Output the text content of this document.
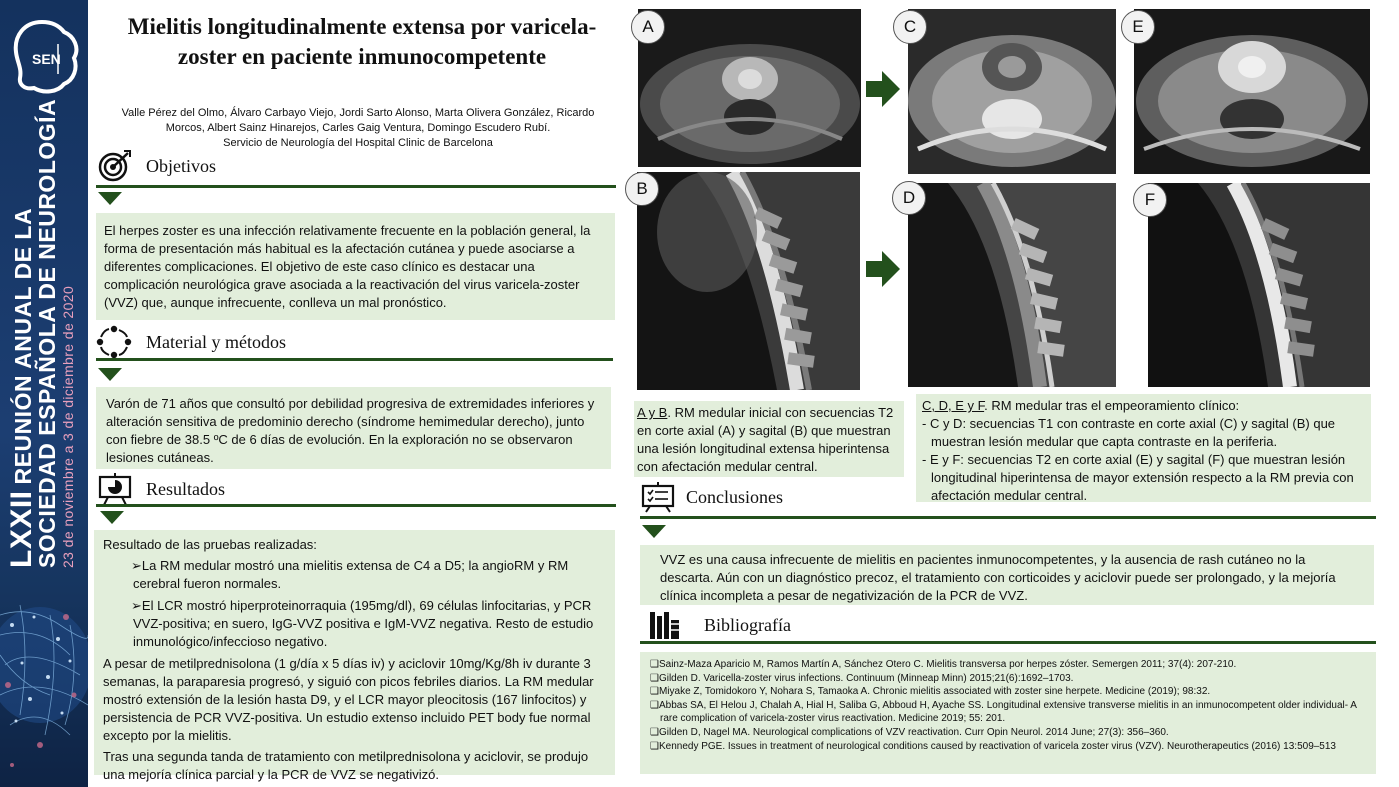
SEN
LXXIIREUNIÓN ANUAL DE LA
SOCIEDAD ESPAÑOLA DE NEUROLOGÍA 23 de noviembre a 3 de diciembre de 2020
Mielitis longitudinalmente extensa por varicela-zoster en paciente inmunocompetente
Valle Pérez del Olmo, Álvaro Carbayo Viejo, Jordi Sarto Alonso, Marta Olivera González, Ricardo Morcos, Albert Sainz Hinarejos, Carles Gaig Ventura, Domingo Escudero Rubí.
Servicio de Neurología del Hospital Clinic de Barcelona
Objetivos

El herpes zoster es una infección relativamente frecuente en la población general, la forma de presentación más habitual es la afectación cutánea y puede asociarse a diferentes complicaciones. El objetivo de este caso clínico es destacar una complicación neurológica grave asociada a la reactivación del virus varicela-zoster (VVZ) que, aunque infrecuente, conlleva un mal pronóstico.

Material y métodos

Varón de 71 años que consultó por debilidad progresiva de extremidades inferiores y alteración sensitiva de predominio derecho (síndrome hemimedular derecho), junto con fiebre de 38.5 ºC de 6 días de evolución. En la exploración no se observaron lesiones cutáneas.

Resultados

Resultado de las pruebas realizadas:

➢La RM medular mostró una mielitis extensa de C4 a D5; la angioRM y RM cerebral fueron normales.

➢El LCR mostró hiperproteinorraquia (195mg/dl), 69 células linfocitarias, y PCR VVZ-positiva; en suero, IgG-VVZ positiva e IgM-VVZ negativa. Resto de estudio inmunológico/infeccioso negativo.

A pesar de metilprednisolona (1 g/día x 5 días iv) y aciclovir 10mg/Kg/8h iv durante 3 semanas, la paraparesia progresó, y siguió con picos febriles diarios. La RM medular mostró extensión de la lesión hasta D9, y el LCR mayor pleocitosis (167 linfocitos) y persistencia de PCR VVZ-positiva. Un estudio extenso incluido PET body fue normal excepto por la mielitis.

Tras una segunda tanda de tratamiento con metilprednisolona y aciclovir, se produjo una mejoría clínica parcial y la PCR de VVZ se negativizó.

A
B
C	E
D	F
A y B. RM medular inicial con secuencias T2 en corte axial (A) y sagital (B) que muestran una lesión longitudinal extensa hiperintensa con afectación medular central.
C, D, E y F. RM medular tras el empeoramiento clínico:
- C y D: secuencias T1 con contraste en corte axial (C) y sagital (B) que muestran lesión medular que capta contraste en la periferia.
- E y F: secuencias T2 en corte axial (E) y sagital (F) que muestran lesión longitudinal hiperintensa de mayor extensión respecto a la RM previa con afectación medular central.
Conclusiones

VVZ es una causa infrecuente de mielitis en pacientes inmunocompetentes, y la ausencia de rash cutáneo no la descarta. Aún con un diagnóstico precoz, el tratamiento con corticoides y aciclovir puede ser prolongado, y la mejoría clínica incompleta a pesar de negativización de la PCR de VVZ.

Bibliografía
❑Sainz-Maza Aparicio M, Ramos Martín A, Sánchez Otero C. Mielitis transversa por herpes zóster. Semergen 2011; 37(4): 207-210.
❑Gilden D. Varicella-zoster virus infections. Continuum (Minneap Minn) 2015;21(6):1692–1703.
❑Miyake Z, Tomidokoro Y, Nohara S, Tamaoka A. Chronic mielitis associated with zoster sine herpete. Medicine (2019); 98:32.
❑Abbas SA, El Helou J, Chalah A, Hial H, Saliba G, Abboud H, Ayache SS. Longitudinal extensive transverse mielitis in an inmunocompetent older individual- A rare complication of varicela-zoster virus reactivation. Medicine 2019; 55: 201.
❑Gilden D, Nagel MA. Neurological complications of VZV reactivation. Curr Opin Neurol. 2014 June; 27(3): 356–360.
❑Kennedy PGE. Issues in treatment of neurological conditions caused by reactivation of varicela zoster virus (VZV). Neurotherapeutics (2016) 13:509–513
